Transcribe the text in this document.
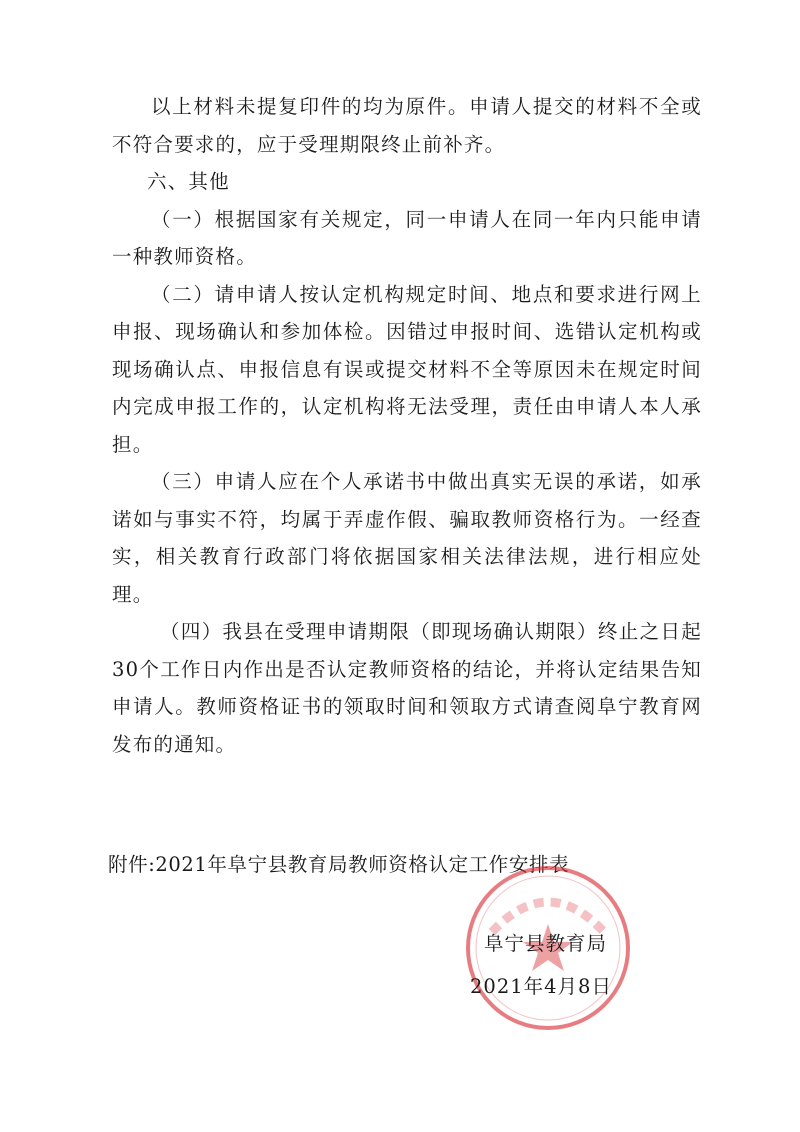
以上材料未提复印件的均为原件。申请人提交的材料不全或不符合要求的，应于受理期限终止前补齐。

六、其他

（一）根据国家有关规定，同一申请人在同一年内只能申请一种教师资格。

（二）请申请人按认定机构规定时间、地点和要求进行网上申报、现场确认和参加体检。因错过申报时间、选错认定机构或现场确认点、申报信息有误或提交材料不全等原因未在规定时间内完成申报工作的，认定机构将无法受理，责任由申请人本人承担。

（三）申请人应在个人承诺书中做出真实无误的承诺，如承诺如与事实不符，均属于弄虚作假、骗取教师资格行为。一经查实，相关教育行政部门将依据国家相关法律法规，进行相应处理。

（四）我县在受理申请期限（即现场确认期限）终止之日起30个工作日内作出是否认定教师资格的结论，并将认定结果告知申请人。教师资格证书的领取时间和领取方式请查阅阜宁教育网发布的通知。

附件:2021年阜宁县教育局教师资格认定工作安排表
阜宁县教育局
2021年4月8日
